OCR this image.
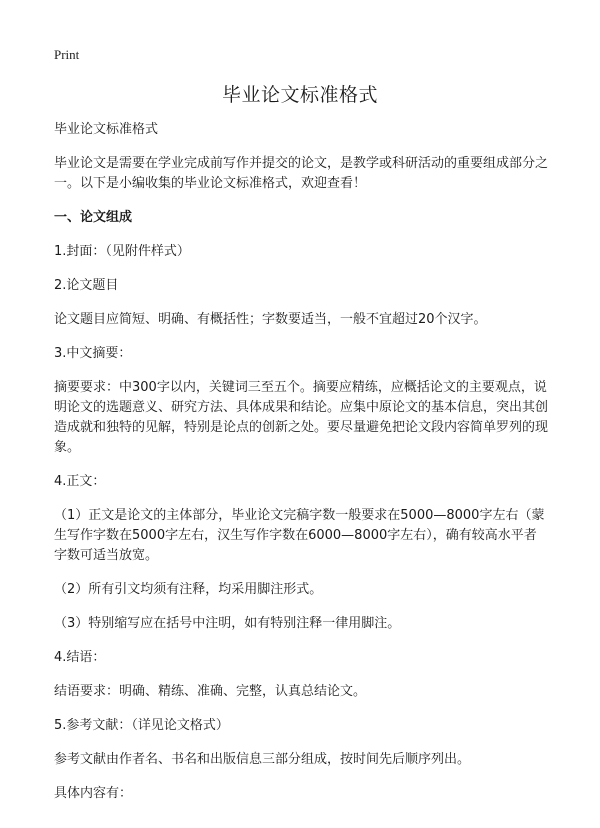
Print
毕业论文标准格式

毕业论文标准格式

毕业论文是需要在学业完成前写作并提交的论文，是教学或科研活动的重要组成部分之一。以下是小编收集的毕业论文标准格式，欢迎查看！

一、论文组成

1.封面：（见附件样式）

2.论文题目

论文题目应简短、明确、有概括性；字数要适当，一般不宜超过20个汉字。

3.中文摘要：

摘要要求：中300字以内，关键词三至五个。摘要应精练，应概括论文的主要观点，说明论文的选题意义、研究方法、具体成果和结论。应集中原论文的基本信息，突出其创造成就和独特的见解，特别是论点的创新之处。要尽量避免把论文段内容简单罗列的现象。

4.正文：

（1）正文是论文的主体部分，毕业论文完稿字数一般要求在5000—8000字左右（蒙生写作字数在5000字左右，汉生写作字数在6000—8000字左右），确有较高水平者字数可适当放宽。

（2）所有引文均须有注释，均采用脚注形式。

（3）特别缩写应在括号中注明，如有特别注释一律用脚注。

4.结语：

结语要求：明确、精练、准确、完整，认真总结论文。

5.参考文献：（详见论文格式）

参考文献由作者名、书名和出版信息三部分组成，按时间先后顺序列出。

具体内容有：
